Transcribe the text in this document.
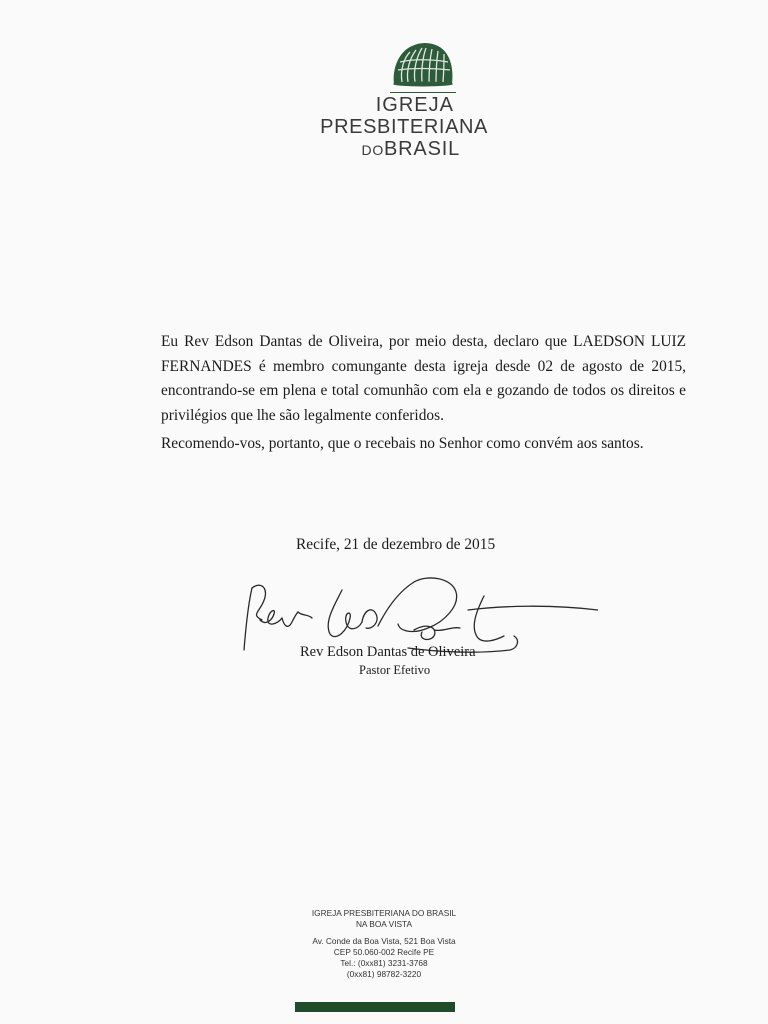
IGREJA
PRESBITERIANA
DOBRASIL

Eu Rev Edson Dantas de Oliveira, por meio desta, declaro que LAEDSON LUIZ FERNANDES é membro comungante desta igreja desde 02 de agosto de 2015, encontrando-se em plena e total comunhão com ela e gozando de todos os direitos e privilégios que lhe são legalmente conferidos.

Recomendo-vos, portanto, que o recebais no Senhor como convém aos santos.

Recife, 21 de dezembro de 2015
Rev Edson Dantas de Oliveira
Pastor Efetivo
IGREJA PRESBITERIANA DO BRASIL
NA BOA VISTA
Av. Conde da Boa Vista, 521 Boa Vista
CEP 50.060-002 Recife PE
Tel.: (0xx81) 3231-3768
(0xx81) 98782-3220
